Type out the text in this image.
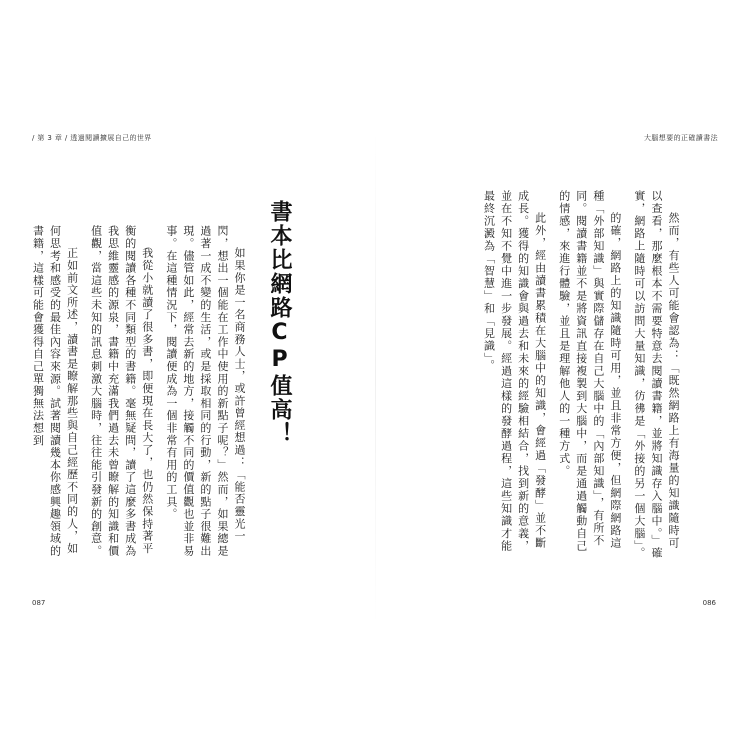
/ 第 3 章 / 透過閱讀擴展自己的世界	大腦想要的正確讀書法
然而，有些人可能會認為：「既然網路上有海量的知識隨時可以查看，那麼根本不需要特意去閱讀書籍，並將知識存入腦中。」確實，網路上隨時可以訪問大量知識，彷彿是「外接的另一個大腦」。
的確，網路上的知識隨時可用，並且非常方便，但網際網路這種「外部知識」與實際儲存在自己大腦中的「內部知識」，有所不同。閱讀書籍並不是將資訊直接複製到大腦中，而是通過觸動自己的情感，來進行體驗，並且是理解他人的一種方式。
此外，經由讀書累積在大腦中的知識，會經過「發酵」並不斷成長。獲得的知識會與過去和未來的經驗相結合，找到新的意義，並在不知不覺中進一步發展。經過這樣的發酵過程，這些知識才能最終沉澱為「智慧」和「見識」。
書本比網路CP值高！
如果你是一名商務人士，或許曾經想過：「能否靈光一閃，想出一個能在工作中使用的新點子呢？」然而，如果總是過著一成不變的生活，或是採取相同的行動，新的點子很難出現。儘管如此，經常去新的地方，接觸不同的價值觀也並非易事。在這種情況下，閱讀便成為一個非常有用的工具。
我從小就讀了很多書，即便現在長大了，也仍然保持著平衡的閱讀各種不同類型的書籍。毫無疑問，讀了這麼多書成為我思維靈感的源泉，書籍中充滿我們過去未曾瞭解的知識和價值觀，當這些未知的訊息刺激大腦時，往往能引發新的創意。
正如前文所述，讀書是瞭解那些與自己經歷不同的人，如何思考和感受的最佳內容來源。試著閱讀幾本你感興趣領域的書籍，這樣可能會獲得自己單獨無法想到
087	086
